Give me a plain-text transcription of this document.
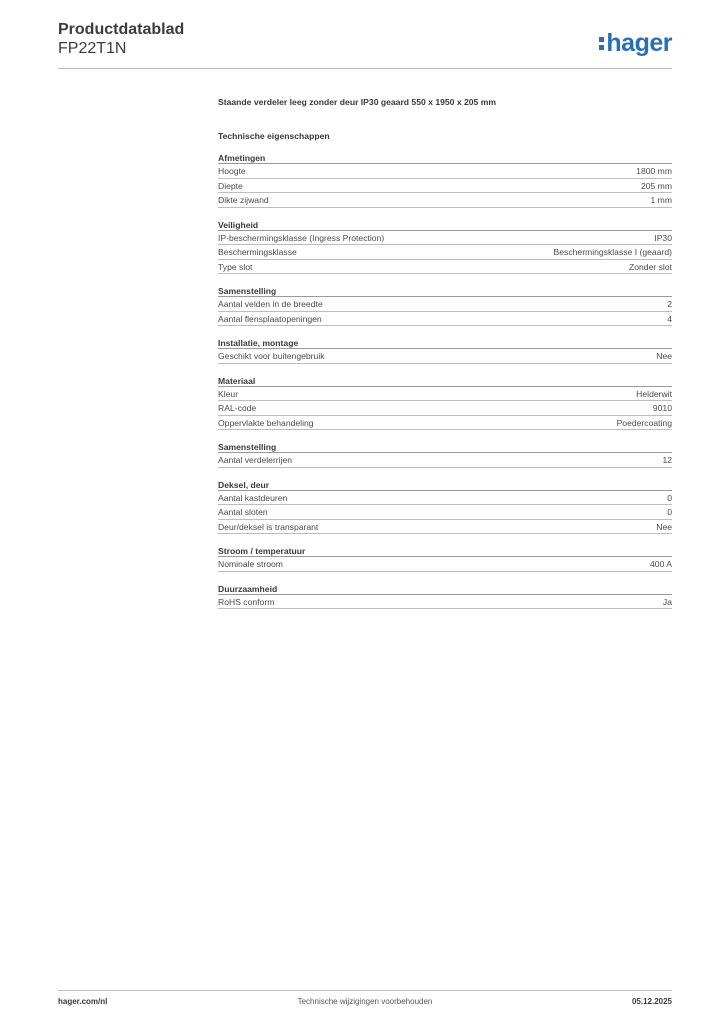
Productdatablad
FP22T1N	hager
Staande verdeler leeg zonder deur IP30 geaard 550 x 1950 x 205 mm
Technische eigenschappen
Afmetingen
Hoogte	1800 mm
Diepte	205 mm
Dikte zijwand	1 mm
Veiligheid
IP-beschermingsklasse (Ingress Protection)	IP30
Beschermingsklasse	Beschermingsklasse I (geaard)
Type slot	Zonder slot
Samenstelling
Aantal velden in de breedte	2
Aantal flensplaatopeningen	4
Installatie, montage
Geschikt voor buitengebruik	Nee
Materiaal
Kleur	Helderwit
RAL-code	9010
Oppervlakte behandeling	Poedercoating
Samenstelling
Aantal verdelerrijen	12
Deksel, deur
Aantal kastdeuren	0
Aantal sloten	0
Deur/deksel is transparant	Nee
Stroom / temperatuur
Nominale stroom	400 A
Duurzaamheid
RoHS conform	Ja
hager.com/nl	Technische wijzigingen voorbehouden	05.12.2025
